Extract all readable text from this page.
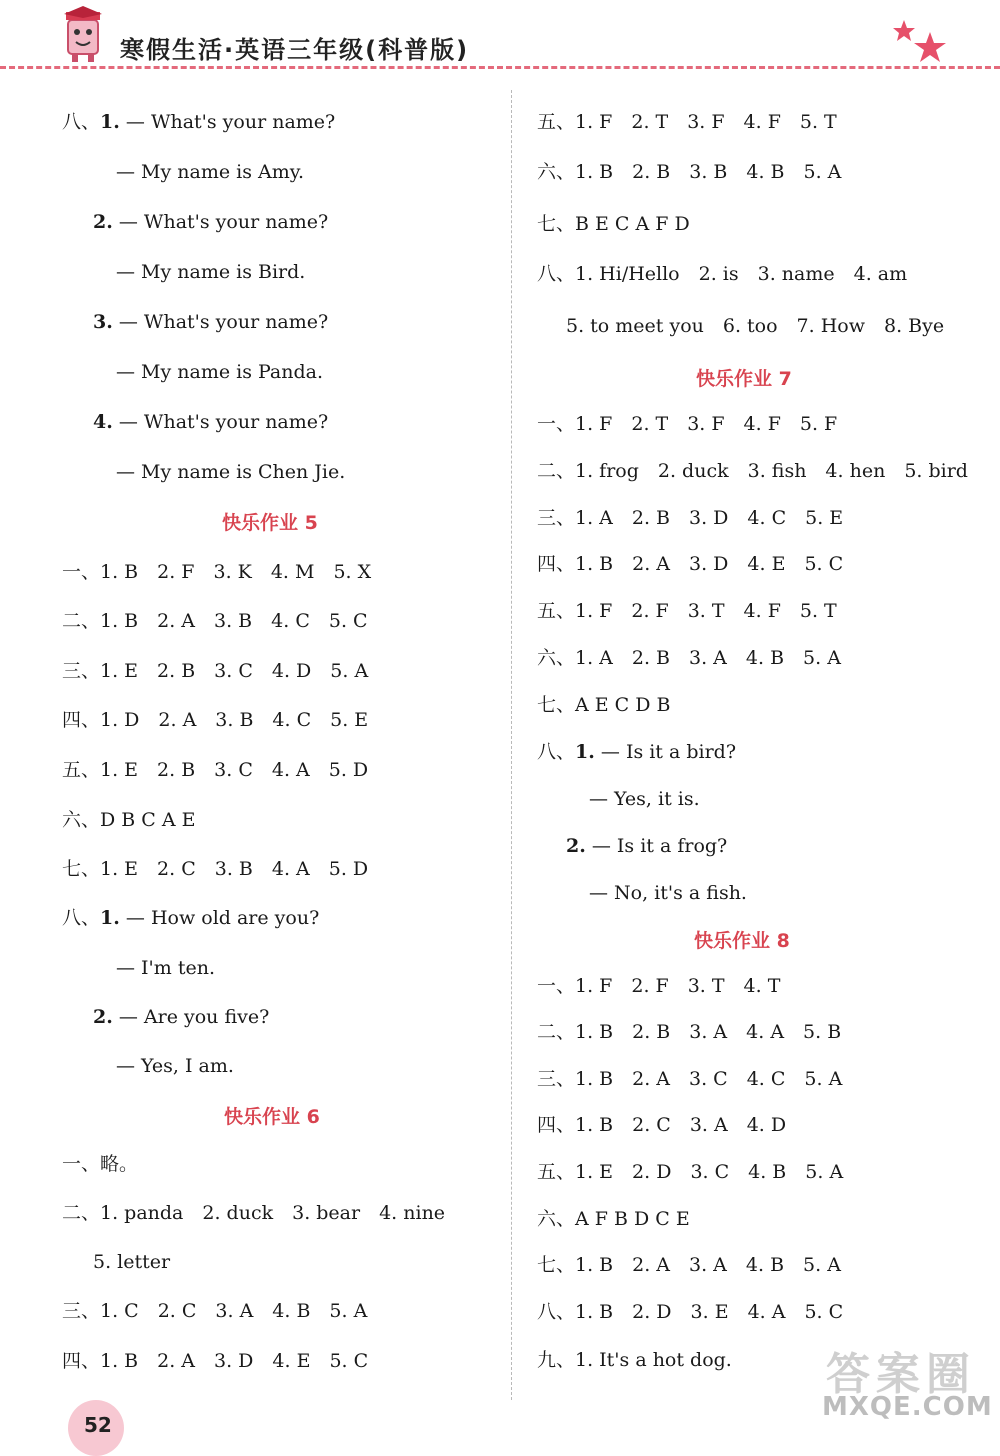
寒假生活·英语三年级(科普版)
八、1. — What's your name?
— My name is Amy.
2. — What's your name?
— My name is Bird.
3. — What's your name?
— My name is Panda.
4. — What's your name?
— My name is Chen Jie.
快乐作业 5
一、1. B　2. F　3. K　4. M　5. X
二、1. B　2. A　3. B　4. C　5. C
三、1. E　2. B　3. C　4. D　5. A
四、1. D　2. A　3. B　4. C　5. E
五、1. E　2. B　3. C　4. A　5. D
六、D B C A E
七、1. E　2. C　3. B　4. A　5. D
八、1. — How old are you?
— I'm ten.
2. — Are you five?
— Yes, I am.
快乐作业 6
一、略。
二、1. panda　2. duck　3. bear　4. nine
5. letter
三、1. C　2. C　3. A　4. B　5. A
四、1. B　2. A　3. D　4. E　5. C
五、1. F　2. T　3. F　4. F　5. T
六、1. B　2. B　3. B　4. B　5. A
七、B E C A F D
八、1. Hi/Hello　2. is　3. name　4. am
5. to meet you　6. too　7. How　8. Bye
快乐作业 7
一、1. F　2. T　3. F　4. F　5. F
二、1. frog　2. duck　3. fish　4. hen　5. bird
三、1. A　2. B　3. D　4. C　5. E
四、1. B　2. A　3. D　4. E　5. C
五、1. F　2. F　3. T　4. F　5. T
六、1. A　2. B　3. A　4. B　5. A
七、A E C D B
八、1. — Is it a bird?
— Yes, it is.
2. — Is it a frog?
— No, it's a fish.
快乐作业 8
一、1. F　2. F　3. T　4. T
二、1. B　2. B　3. A　4. A　5. B
三、1. B　2. A　3. C　4. C　5. A
四、1. B　2. C　3. A　4. D
五、1. E　2. D　3. C　4. B　5. A
六、A F B D C E
七、1. B　2. A　3. A　4. B　5. A
八、1. B　2. D　3. E　4. A　5. C
九、1. It's a hot dog.
52
答案圈
MXQE.COM
